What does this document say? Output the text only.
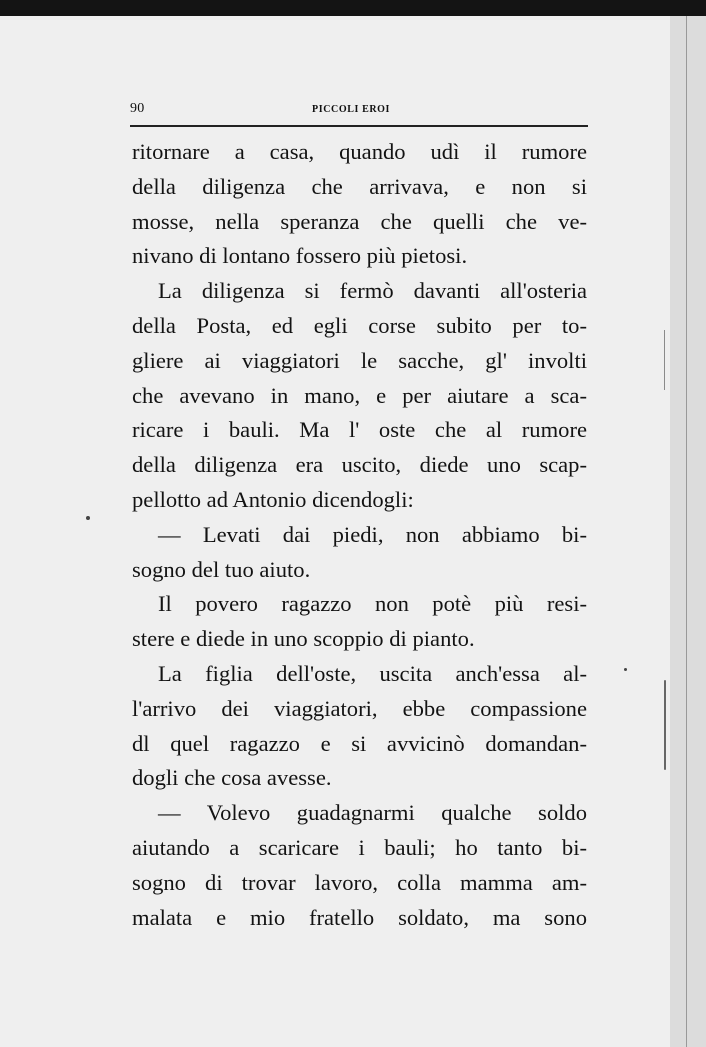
90	PICCOLI EROI
ritornare a casa, quando udì il rumore
della diligenza che arrivava, e non si
mosse, nella speranza che quelli che ve-
nivano di lontano fossero più pietosi.
La diligenza si fermò davanti all'osteria
della Posta, ed egli corse subito per to-
gliere ai viaggiatori le sacche, gl' involti
che avevano in mano, e per aiutare a sca-
ricare i bauli. Ma l' oste che al rumore
della diligenza era uscito, diede uno scap-
pellotto ad Antonio dicendogli:
— Levati dai piedi, non abbiamo bi-
sogno del tuo aiuto.
Il povero ragazzo non potè più resi-
stere e diede in uno scoppio di pianto.
La figlia dell'oste, uscita anch'essa al-
l'arrivo dei viaggiatori, ebbe compassione
dl quel ragazzo e si avvicinò domandan-
dogli che cosa avesse.
— Volevo guadagnarmi qualche soldo
aiutando a scaricare i bauli; ho tanto bi-
sogno di trovar lavoro, colla mamma am-
malata e mio fratello soldato, ma sono
